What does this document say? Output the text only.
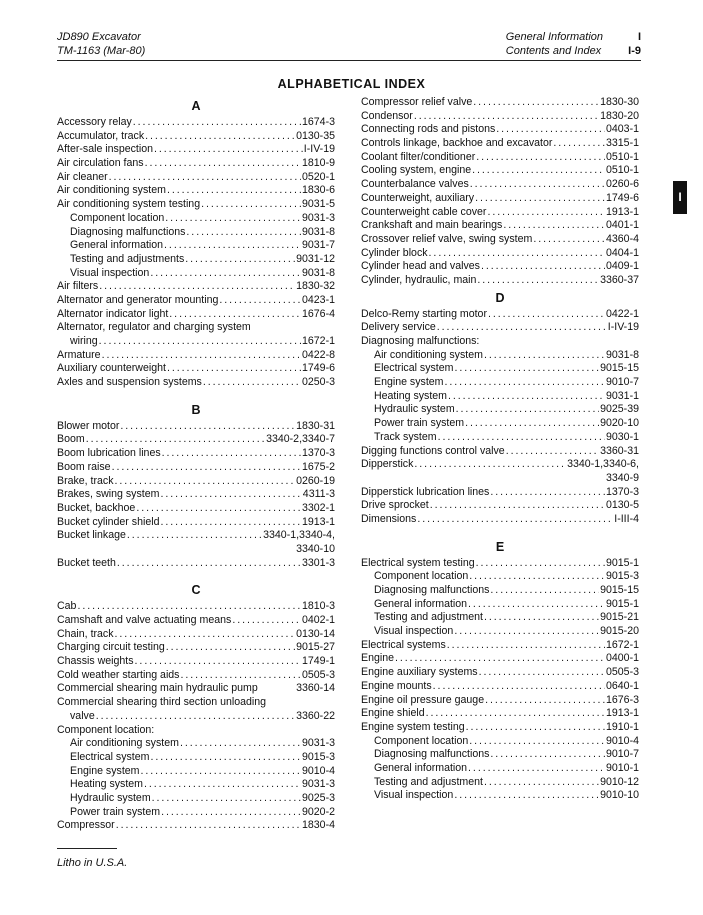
JD890 Excavator
TM-1163 (Mar-80)
General Information
Contents and Index
I
I-9
ALPHABETICAL INDEX
A
Accessory relay . . .	1674-3
Accumulator, track . . .	0130-35
After-sale inspection . . .	I-IV-19
Air circulation fans . . .	1810-9
Air cleaner . . .	0520-1
Air conditioning system . . .	1830-6
Air conditioning system testing . . .	9031-5
Component location . . .	9031-3
Diagnosing malfunctions . . .	9031-8
General information . . .	9031-7
Testing and adjustments . . .	9031-12
Visual inspection . . .	9031-8
Air filters . . .	1830-32
Alternator and generator mounting . . .	0423-1
Alternator indicator light . . .	1676-4
Alternator, regulator and charging system
wiring . . .	1672-1
Armature . . .	0422-8
Auxiliary counterweight . . .	1749-6
Axles and suspension systems . . .	0250-3
B
Blower motor . . .	1830-31
Boom . . .	3340-2,3340-7
Boom lubrication lines . . .	1370-3
Boom raise . . .	1675-2
Brake, track . . .	0260-19
Brakes, swing system . . .	4311-3
Bucket, backhoe . . .	3302-1
Bucket cylinder shield . . .	1913-1
Bucket linkage . . .	3340-1,3340-4,
3340-10
Bucket teeth . . .	3301-3
C
Cab . . .	1810-3
Camshaft and valve actuating means . . .	0402-1
Chain, track . . .	0130-14
Charging circuit testing . . .	9015-27
Chassis weights . . .	1749-1
Cold weather starting aids . . .	0505-3
Commercial shearing main hydraulic pump	3360-14
Commercial shearing third section unloading
valve . . .	3360-22
Component location:
Air conditioning system . . .	9031-3
Electrical system . . .	9015-3
Engine system . . .	9010-4
Heating system . . .	9031-3
Hydraulic system . . .	9025-3
Power train system . . .	9020-2
Compressor . . .	1830-4
Compressor relief valve . . .	1830-30
Condensor . . .	1830-20
Connecting rods and pistons . . .	0403-1
Controls linkage, backhoe and excavator . . .	3315-1
Coolant filter/conditioner . . .	0510-1
Cooling system, engine . . .	0510-1
Counterbalance valves . . .	0260-6
Counterweight, auxiliary . . .	1749-6
Counterweight cable cover . . .	1913-1
Crankshaft and main bearings . . .	0401-1
Crossover relief valve, swing system . . .	4360-4
Cylinder block . . .	0404-1
Cylinder head and valves . . .	0409-1
Cylinder, hydraulic, main . . .	3360-37
D
Delco-Remy starting motor . . .	0422-1
Delivery service . . .	I-IV-19
Diagnosing malfunctions:
Air conditioning system . . .	9031-8
Electrical system . . .	9015-15
Engine system . . .	9010-7
Heating system . . .	9031-1
Hydraulic system . . .	9025-39
Power train system . . .	9020-10
Track system . . .	9030-1
Digging functions control valve . . .	3360-31
Dipperstick . . .	3340-1,3340-6,
3340-9
Dipperstick lubrication lines . . .	1370-3
Drive sprocket . . .	0130-5
Dimensions . . .	I-III-4
E
Electrical system testing . . .	9015-1
Component location . . .	9015-3
Diagnosing malfunctions . . .	9015-15
General information . . .	9015-1
Testing and adjustment . . .	9015-21
Visual inspection . . .	9015-20
Electrical systems . . .	1672-1
Engine . . .	0400-1
Engine auxiliary systems . . .	0505-3
Engine mounts . . .	0640-1
Engine oil pressure gauge . . .	1676-3
Engine shield . . .	1913-1
Engine system testing . . .	1910-1
Component location . . .	9010-4
Diagnosing malfunctions . . .	9010-7
General information . . .	9010-1
Testing and adjustment . . .	9010-12
Visual inspection . . .	9010-10
I
Litho in U.S.A.
